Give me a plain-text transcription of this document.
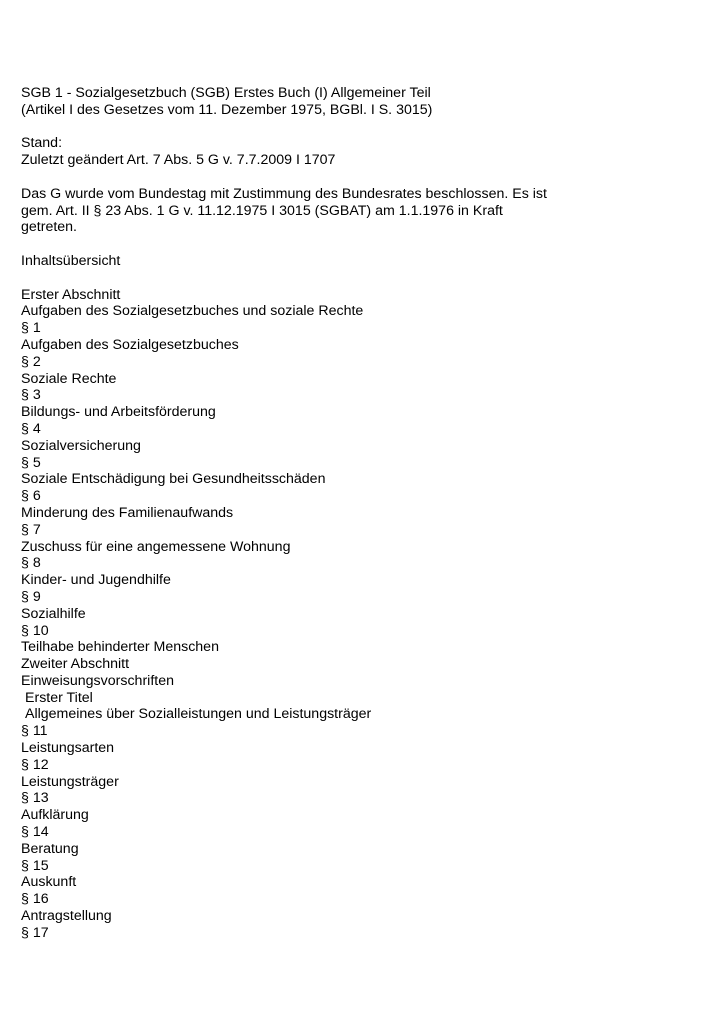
SGB 1 - Sozialgesetzbuch (SGB) Erstes Buch (I) Allgemeiner Teil
(Artikel I des Gesetzes vom 11. Dezember 1975, BGBl. I S. 3015)
Stand:
Zuletzt geändert Art. 7 Abs. 5 G v. 7.7.2009 I 1707
Das G wurde vom Bundestag mit Zustimmung des Bundesrates beschlossen. Es ist
gem. Art. II § 23 Abs. 1 G v. 11.12.1975 I 3015 (SGBAT) am 1.1.1976 in Kraft
getreten.
Inhaltsübersicht
Erster Abschnitt
Aufgaben des Sozialgesetzbuches und soziale Rechte
§ 1
Aufgaben des Sozialgesetzbuches
§ 2
Soziale Rechte
§ 3
Bildungs- und Arbeitsförderung
§ 4
Sozialversicherung
§ 5
Soziale Entschädigung bei Gesundheitsschäden
§ 6
Minderung des Familienaufwands
§ 7
Zuschuss für eine angemessene Wohnung
§ 8
Kinder- und Jugendhilfe
§ 9
Sozialhilfe
§ 10
Teilhabe behinderter Menschen
Zweiter Abschnitt
Einweisungsvorschriften
Erster Titel
Allgemeines über Sozialleistungen und Leistungsträger
§ 11
Leistungsarten
§ 12
Leistungsträger
§ 13
Aufklärung
§ 14
Beratung
§ 15
Auskunft
§ 16
Antragstellung
§ 17
